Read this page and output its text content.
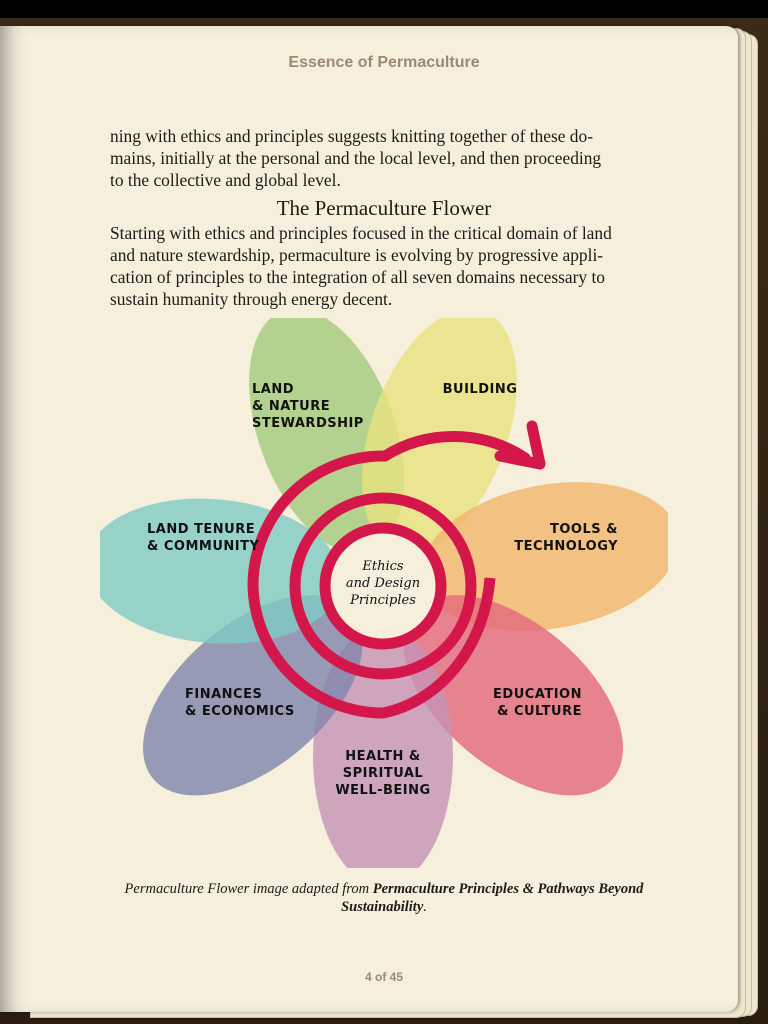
Essence of Permaculture

ning with ethics and principles suggests knitting together of these do-
mains, initially at the personal and the local level, and then proceeding
to the collective and global level.

The Permaculture Flower

Starting with ethics and principles focused in the critical domain of land
and nature stewardship, permaculture is evolving by progressive appli-
cation of principles to the integration of all seven domains necessary to
sustain humanity through energy decent.

Ethics and Design Principles
LAND & NATURE STEWARDSHIP
BUILDING
TOOLS & TECHNOLOGY
EDUCATION & CULTURE
HEALTH & SPIRITUAL WELL-BEING
FINANCES & ECONOMICS
LAND TENURE & COMMUNITY
Permaculture Flower image adapted from Permaculture Principles & Pathways Beyond Sustainability.
4 of 45
